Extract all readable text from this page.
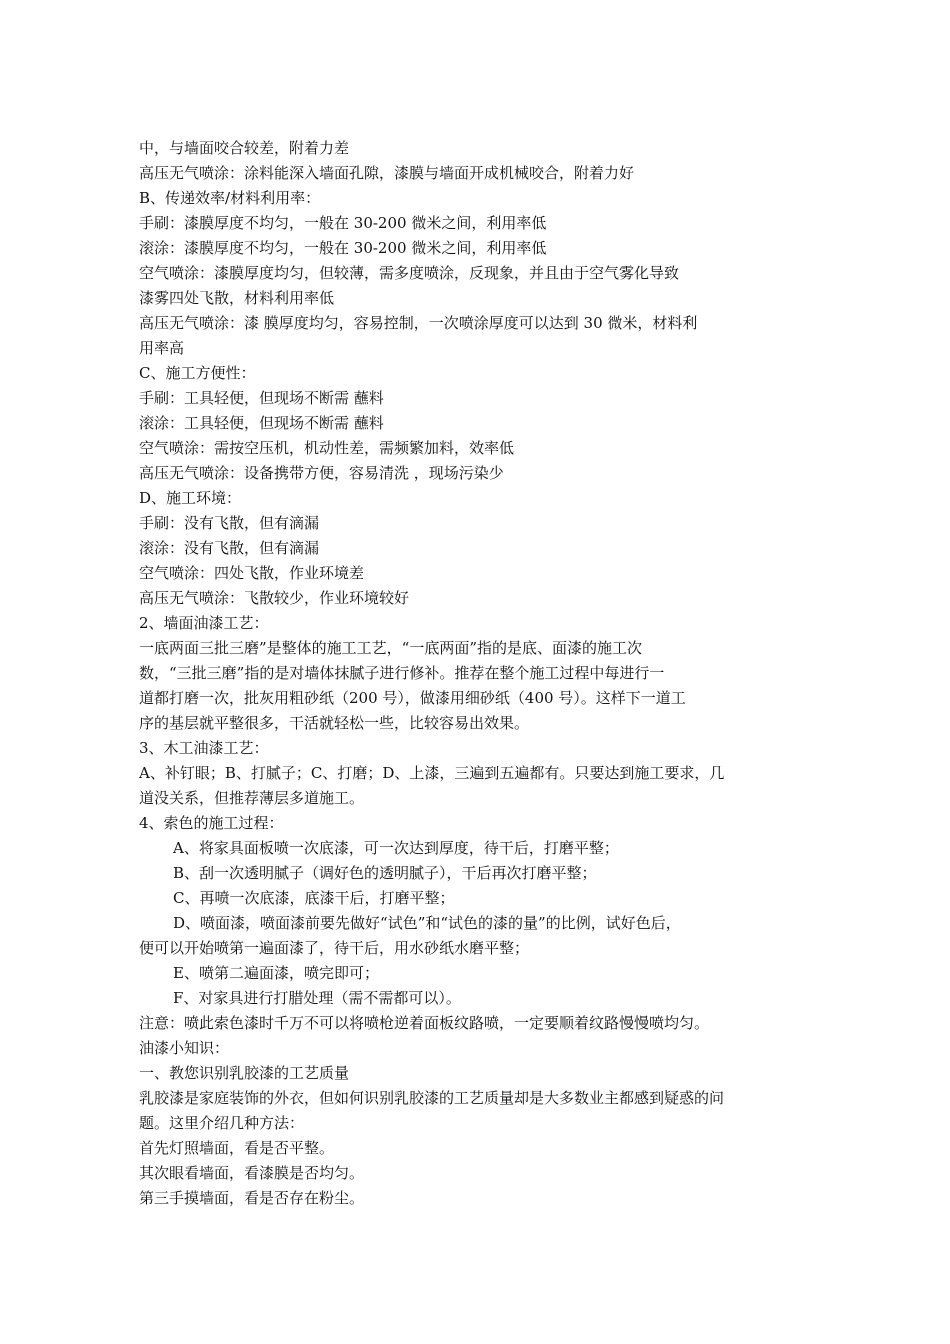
中，与墙面咬合较差，附着力差
高压无气喷涂：涂料能深入墙面孔隙，漆膜与墙面开成机械咬合，附着力好
B、传递效率/材料利用率：
手刷：漆膜厚度不均匀，一般在 30-200 微米之间，利用率低
滚涂：漆膜厚度不均匀，一般在 30-200 微米之间，利用率低
空气喷涂：漆膜厚度均匀，但较薄，需多度喷涂，反现象，并且由于空气雾化导致
漆雾四处飞散，材料利用率低
高压无气喷涂：漆 膜厚度均匀，容易控制，一次喷涂厚度可以达到 30 微米，材料利
用率高
C、施工方便性：
手刷：工具轻便，但现场不断需 蘸料
滚涂：工具轻便，但现场不断需 蘸料
空气喷涂：需按空压机，机动性差，需频繁加料，效率低
高压无气喷涂：设备携带方便，容易清洗 ，现场污染少
D、施工环境：
手刷：没有飞散，但有滴漏
滚涂：没有飞散，但有滴漏
空气喷涂：四处飞散，作业环境差
高压无气喷涂：飞散较少，作业环境较好
2、墙面油漆工艺：
一底两面三批三磨”是整体的施工工艺，“一底两面”指的是底、面漆的施工次
数，“三批三磨”指的是对墙体抹腻子进行修补。推荐在整个施工过程中每进行一
道都打磨一次，批灰用粗砂纸（200 号），做漆用细砂纸（400 号）。这样下一道工
序的基层就平整很多，干活就轻松一些，比较容易出效果。
3、木工油漆工艺：
A、补钉眼；B、打腻子；C、打磨；D、上漆，三遍到五遍都有。只要达到施工要求，几
道没关系，但推荐薄层多道施工。
4、索色的施工过程：
A、将家具面板喷一次底漆，可一次达到厚度，待干后，打磨平整；
B、刮一次透明腻子（调好色的透明腻子），干后再次打磨平整；
C、再喷一次底漆，底漆干后，打磨平整；
D、喷面漆，喷面漆前要先做好“试色”和“试色的漆的量”的比例，试好色后，
便可以开始喷第一遍面漆了，待干后，用水砂纸水磨平整；
E、喷第二遍面漆，喷完即可；
F、对家具进行打腊处理（需不需都可以）。
注意：喷此索色漆时千万不可以将喷枪逆着面板纹路喷，一定要顺着纹路慢慢喷均匀。
油漆小知识：
一、教您识别乳胶漆的工艺质量
乳胶漆是家庭装饰的外衣，但如何识别乳胶漆的工艺质量却是大多数业主都感到疑惑的问
题。这里介绍几种方法：
首先灯照墙面，看是否平整。
其次眼看墙面，看漆膜是否均匀。
第三手摸墙面，看是否存在粉尘。
